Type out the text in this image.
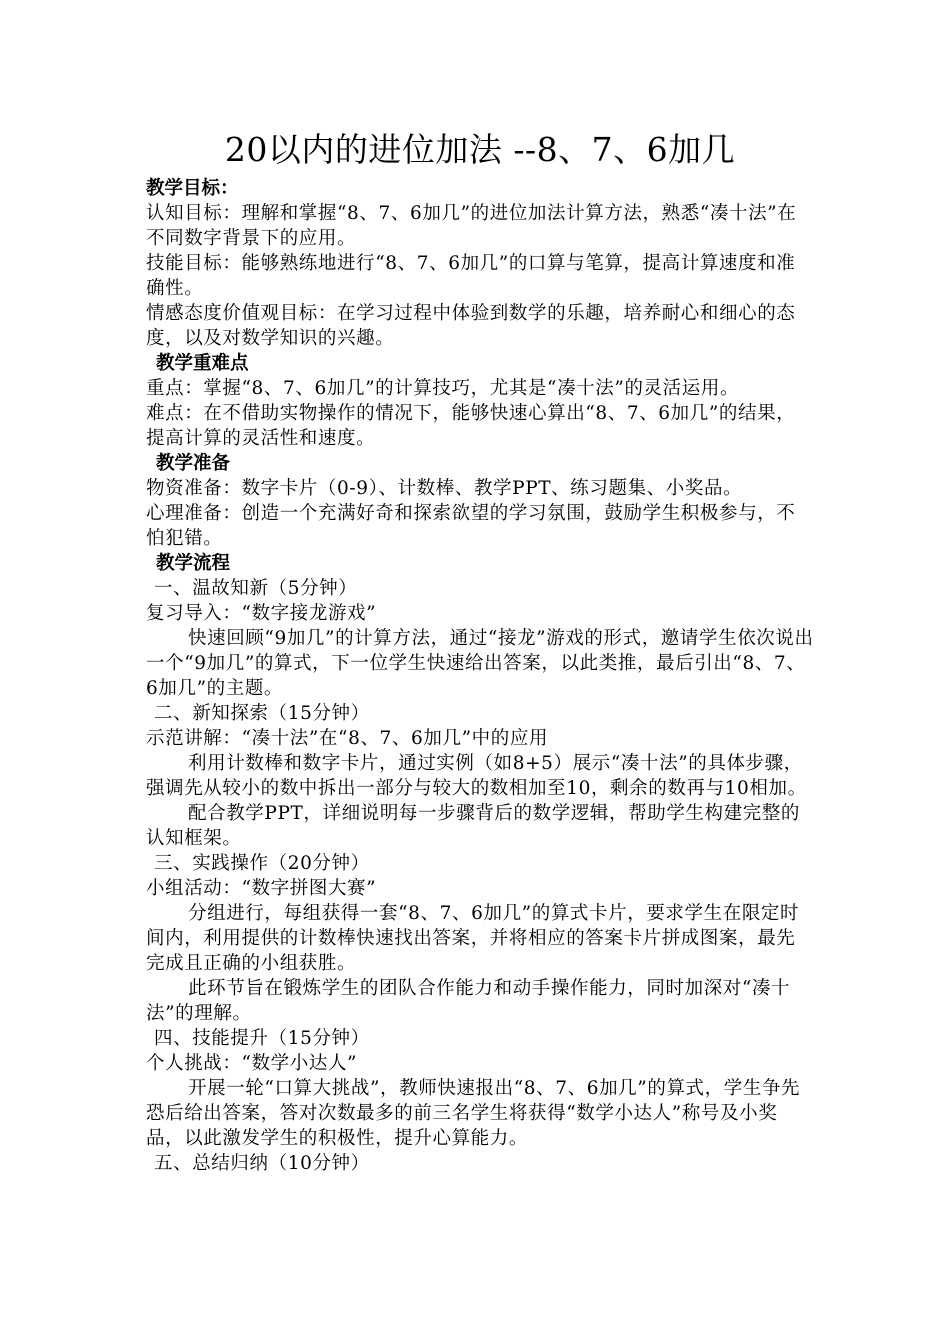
20以内的进位加法 --8、7、6加几
教学目标：
认知目标：理解和掌握“8、7、6加几”的进位加法计算方法，熟悉“凑十法”在不同数字背景下的应用。
技能目标：能够熟练地进行“8、7、6加几”的口算与笔算，提高计算速度和准确性。
情感态度价值观目标：在学习过程中体验到数学的乐趣，培养耐心和细心的态度，以及对数学知识的兴趣。
教学重难点
重点：掌握“8、7、6加几”的计算技巧，尤其是“凑十法”的灵活运用。
难点：在不借助实物操作的情况下，能够快速心算出“8、7、6加几”的结果，提高计算的灵活性和速度。
教学准备
物资准备：数字卡片（0-9）、计数棒、教学PPT、练习题集、小奖品。
心理准备：创造一个充满好奇和探索欲望的学习氛围，鼓励学生积极参与，不怕犯错。
教学流程
一、温故知新（5分钟）
复习导入：“数字接龙游戏”
快速回顾“9加几”的计算方法，通过“接龙”游戏的形式，邀请学生依次说出一个“9加几”的算式，下一位学生快速给出答案，以此类推，最后引出“8、7、6加几”的主题。
二、新知探索（15分钟）
示范讲解：“凑十法”在“8、7、6加几”中的应用
利用计数棒和数字卡片，通过实例（如8+5）展示“凑十法”的具体步骤，强调先从较小的数中拆出一部分与较大的数相加至10，剩余的数再与10相加。
配合教学PPT，详细说明每一步骤背后的数学逻辑，帮助学生构建完整的认知框架。
三、实践操作（20分钟）
小组活动：“数字拼图大赛”
分组进行，每组获得一套“8、7、6加几”的算式卡片，要求学生在限定时间内，利用提供的计数棒快速找出答案，并将相应的答案卡片拼成图案，最先完成且正确的小组获胜。
此环节旨在锻炼学生的团队合作能力和动手操作能力，同时加深对“凑十法”的理解。
四、技能提升（15分钟）
个人挑战：“数学小达人”
开展一轮“口算大挑战”，教师快速报出“8、7、6加几”的算式，学生争先恐后给出答案，答对次数最多的前三名学生将获得“数学小达人”称号及小奖品，以此激发学生的积极性，提升心算能力。
五、总结归纳（10分钟）
